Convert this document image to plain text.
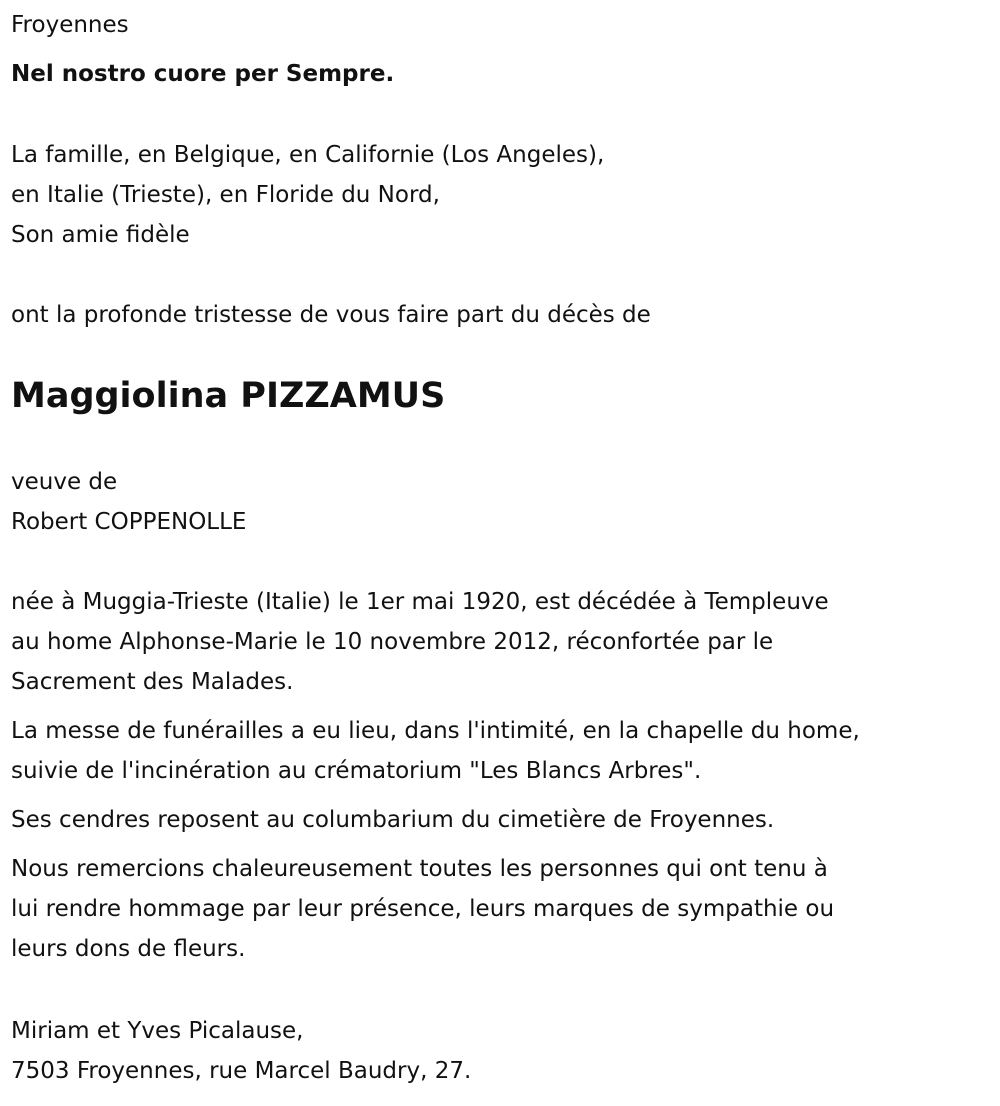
Froyennes

Nel nostro cuore per Sempre.

La famille, en Belgique, en Californie (Los Angeles),

en Italie (Trieste), en Floride du Nord,

Son amie fidèle

ont la profonde tristesse de vous faire part du décès de

Maggiolina PIZZAMUS

veuve de

Robert COPPENOLLE

née à Muggia-Trieste (Italie) le 1er mai 1920, est décédée à Templeuve

au home Alphonse-Marie le 10 novembre 2012, réconfortée par le

Sacrement des Malades.

La messe de funérailles a eu lieu, dans l'intimité, en la chapelle du home,

suivie de l'incinération au crématorium "Les Blancs Arbres".

Ses cendres reposent au columbarium du cimetière de Froyennes.

Nous remercions chaleureusement toutes les personnes qui ont tenu à

lui rendre hommage par leur présence, leurs marques de sympathie ou

leurs dons de fleurs.

Miriam et Yves Picalause,

7503 Froyennes, rue Marcel Baudry, 27.
